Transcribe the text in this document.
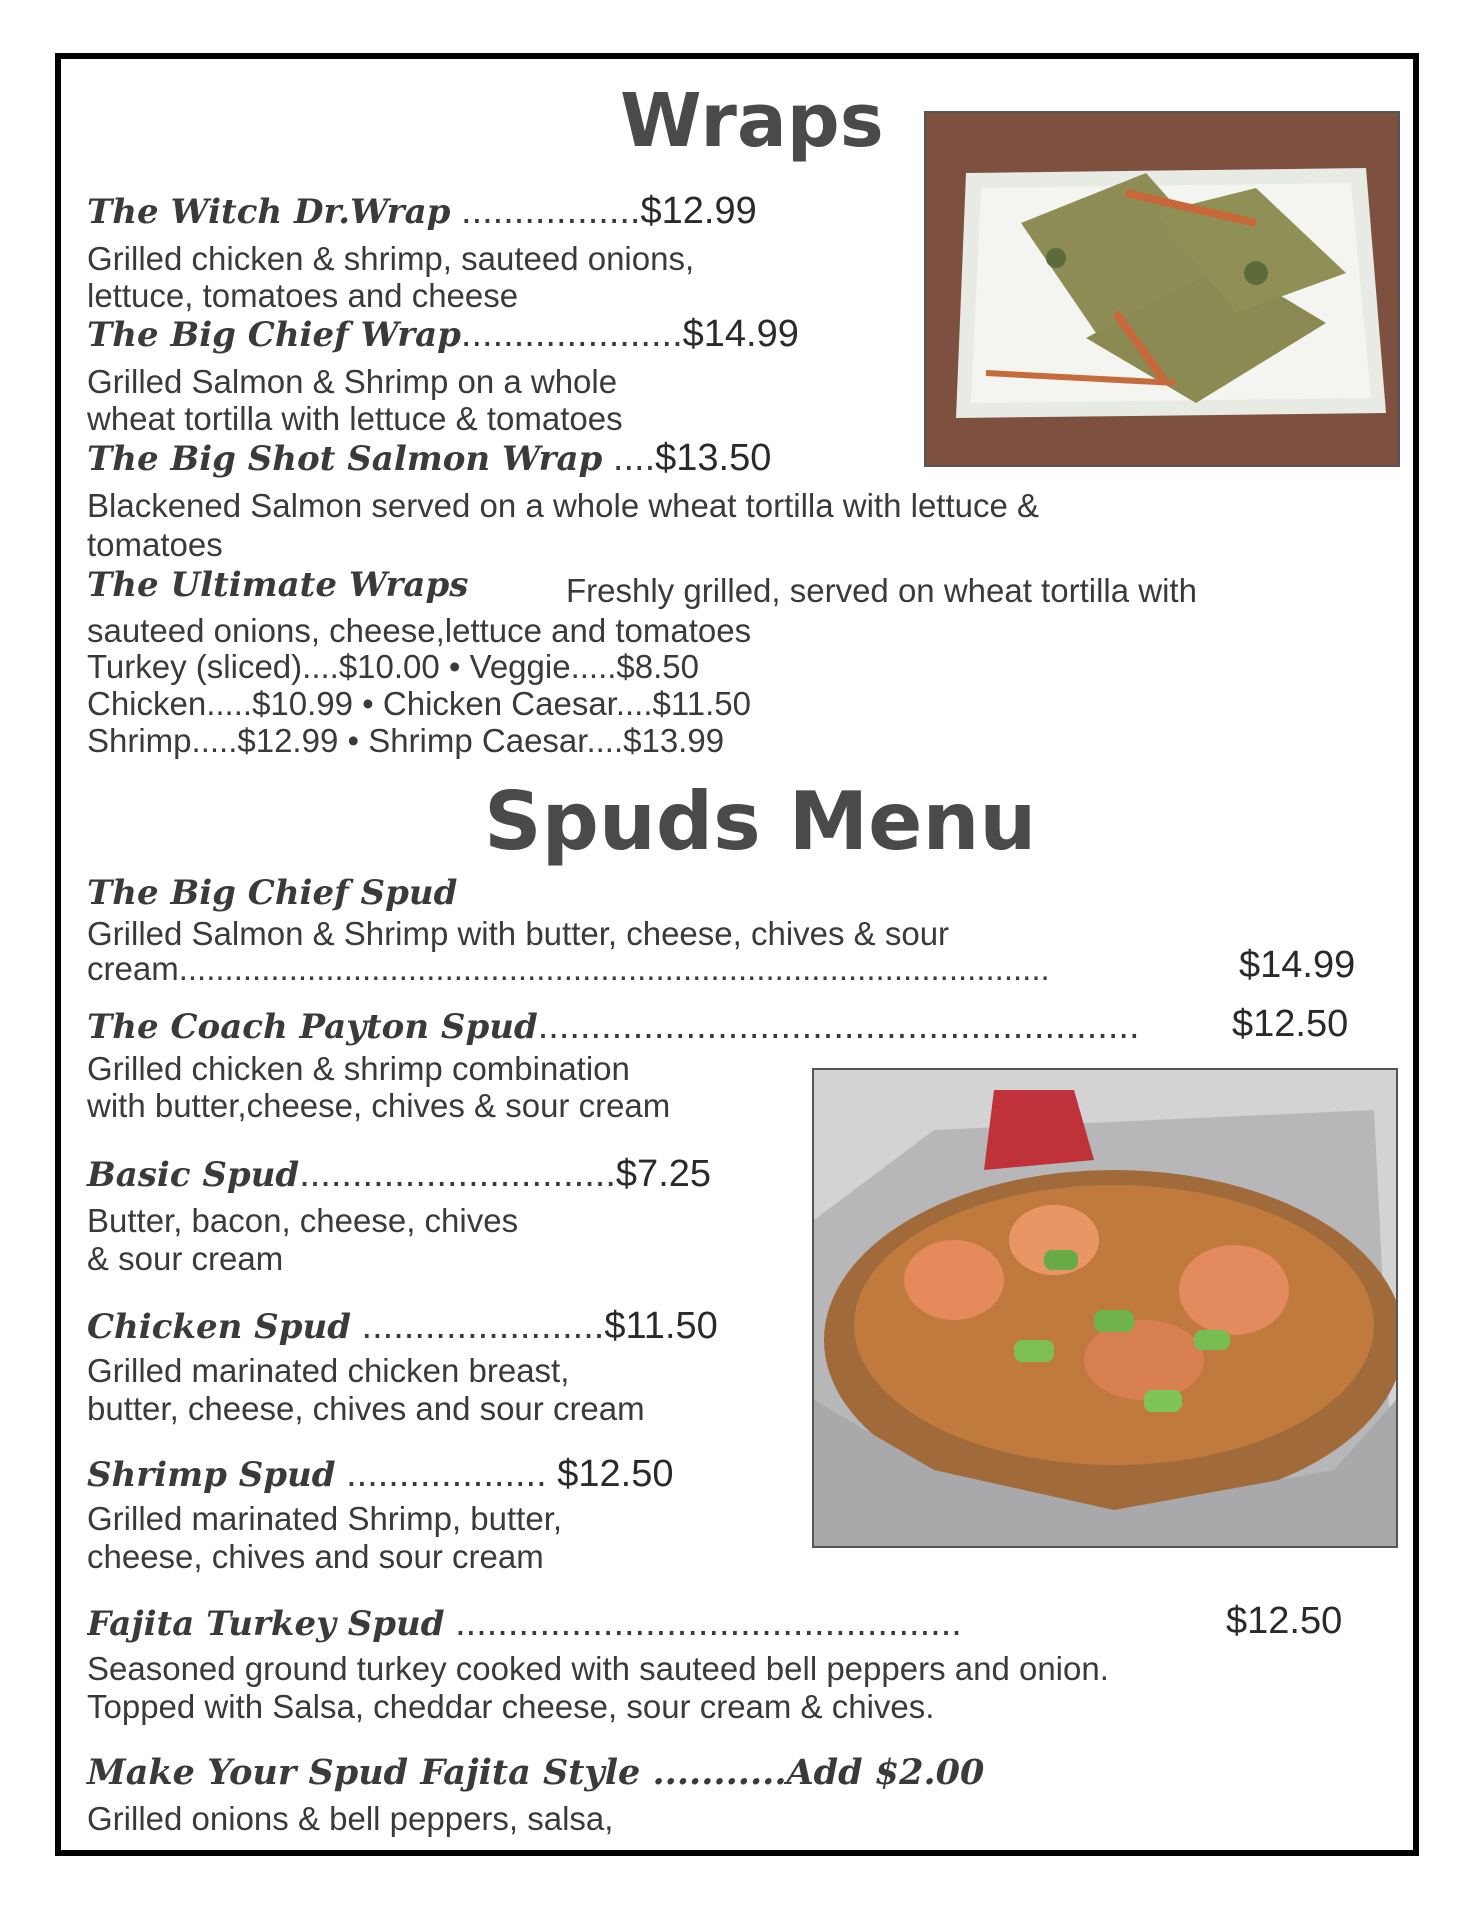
Wraps
The Witch Dr.Wrap .................$12.99
Grilled chicken & shrimp, sauteed onions,
lettuce, tomatoes and cheese
The Big Chief Wrap.....................$14.99
Grilled Salmon & Shrimp on a whole
wheat tortilla with lettuce & tomatoes
The Big Shot Salmon Wrap ....$13.50
Blackened Salmon served on a whole wheat tortilla with lettuce &
tomatoes
The Ultimate Wraps	Freshly grilled, served on wheat tortilla with
sauteed onions, cheese,lettuce and tomatoes
Turkey (sliced)....$10.00 • Veggie.....$8.50
Chicken.....$10.99 • Chicken Caesar....$11.50
Shrimp.....$12.99 • Shrimp Caesar....$13.99
Spuds Menu
The Big Chief Spud
Grilled Salmon & Shrimp with butter, cheese, chives & sour
cream...............................................................................................	$14.99
The Coach Payton Spud.........................................................	$12.50
Grilled chicken & shrimp combination
with butter,cheese, chives & sour cream
Basic Spud..............................$7.25
Butter, bacon, cheese, chives
& sour cream
Chicken Spud .......................$11.50
Grilled marinated chicken breast,
butter, cheese, chives and sour cream
Shrimp Spud ................... $12.50
Grilled marinated Shrimp, butter,
cheese, chives and sour cream
Fajita Turkey Spud ................................................	$12.50
Seasoned ground turkey cooked with sauteed bell peppers and onion.
Topped with Salsa, cheddar cheese, sour cream & chives.
Make Your Spud Fajita Style ...........Add $2.00
Grilled onions & bell peppers, salsa,
